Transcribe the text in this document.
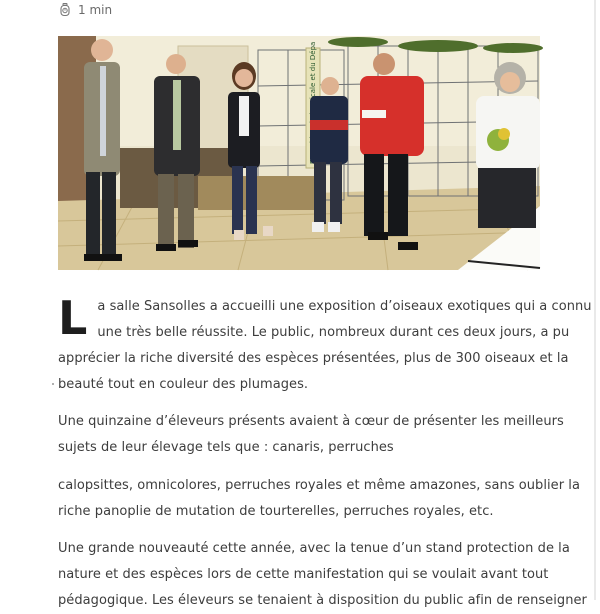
1 min

L a salle Sansolles a accueilli une exposition d’oiseaux exotiques qui a connu
une très belle réussite. Le public, nombreux durant ces deux jours, a pu
apprécier la riche diversité des espèces présentées, plus de 300 oiseaux et la
beauté tout en couleur des plumages.

Une quinzaine d’éleveurs présents avaient à cœur de présenter les meilleurs
sujets de leur élevage tels que : canaris, perruches

calopsittes, omnicolores, perruches royales et même amazones, sans oublier la
riche panoplie de mutation de tourterelles, perruches royales, etc.

Une grande nouveauté cette année, avec la tenue d’un stand protection de la
nature et des espèces lors de cette manifestation qui se voulait avant tout
pédagogique. Les éleveurs se tenaient à disposition du public afin de renseigner
